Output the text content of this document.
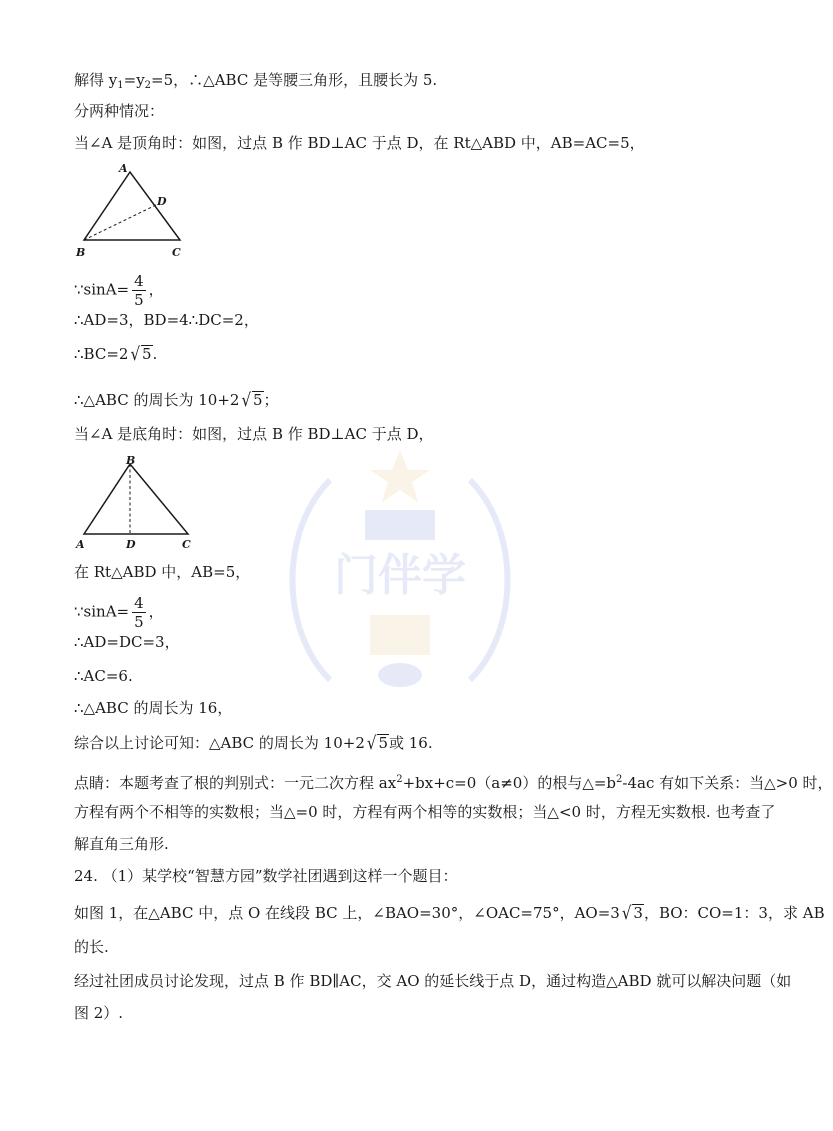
解得 $y_1=y_2=5$，∴△ABC 是等腰三角形，且腰长为 5.
分两种情况：
当∠A 是顶角时：如图，过点 B 作 BD⊥AC 于点 D，在 Rt△ABD 中，AB=AC=5，
A
B	C
D
∵sinA= $\frac{4}{5}$ ，
∴AD=3，BD=4∴DC=2，
∴BC=2 √ 5.
∴△ABC 的周长为 10+2 √ 5；
当∠A 是底角时：如图，过点 B 作 BD⊥AC 于点 D，
B
A	D	C
在 Rt△ABD 中，AB=5，
∵sinA= $\frac{4}{5}$ ，
∴AD=DC=3，
∴AC=6.
∴△ABC 的周长为 16，
综合以上讨论可知：△ABC 的周长为 10+2 √ 5或 16.
点睛：本题考查了根的判别式：一元二次方程 $ax^2+bx+c=0(a\ne 0)$的根与$\triangle=b^2-4ac$ 有如下关系：当△>0 时，
方程有两个不相等的实数根；当△=0 时，方程有两个相等的实数根；当△<0 时，方程无实数根. 也考查了
解直角三角形.
24. （1）某学校“智慧方园”数学社团遇到这样一个题目：
如图 1，在△ABC 中，点 O 在线段 BC 上，∠BAO=30°，∠OAC=75°，AO=3 √ 3，BO：CO=1：3，求 AB
的长.
经过社团成员讨论发现，过点 B 作 BD∥AC，交 AO 的延长线于点 D，通过构造△ABD 就可以解决问题（如
图 2）.
门伴学
